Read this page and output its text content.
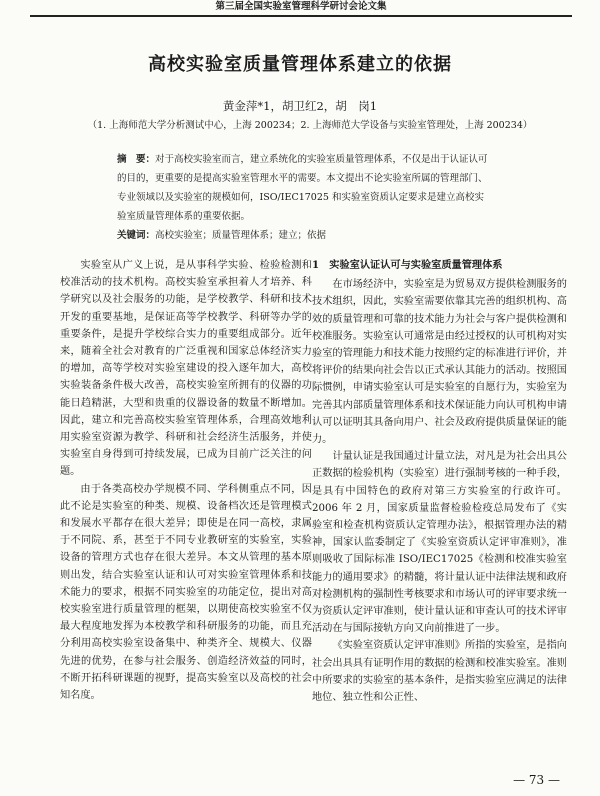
第三届全国实验室管理科学研讨会论文集
高校实验室质量管理体系建立的依据
黄金萍*1，胡卫红2，胡　岗1
（1. 上海师范大学分析测试中心，上海 200234；2. 上海师范大学设备与实验室管理处，上海 200234）

摘　要：对于高校实验室而言，建立系统化的实验室质量管理体系，不仅是出于认证认可的目的，更重要的是提高实验室管理水平的需要。本文提出不论实验室所属的管理部门、专业领域以及实验室的规模如何，ISO/IEC17025 和实验室资质认定要求是建立高校实验室质量管理体系的重要依据。

关键词：高校实验室；质量管理体系；建立；依据

实验室从广义上说，是从事科学实验、检验检测和校准活动的技术机构。高校实验室承担着人才培养、科学研究以及社会服务的功能，是学校教学、科研和技术开发的重要基地，是保证高等学校教学、科研等办学的重要条件，是提升学校综合实力的重要组成部分。近年来，随着全社会对教育的广泛重视和国家总体经济实力的增加，高等学校对实验室建设的投入逐年加大，高校实验装备条件极大改善，高校实验室所拥有的仪器的功能日趋精湛，大型和贵重的仪器设备的数量不断增加。因此，建立和完善高校实验室管理体系，合理高效地利用实验室资源为教学、科研和社会经济生活服务，并使实验室自身得到可持续发展，已成为目前广泛关注的问题。

由于各类高校办学规模不同、学科侧重点不同，因此不论是实验室的种类、规模、设备档次还是管理模式和发展水平都存在很大差异；即使是在同一高校，隶属于不同院、系，甚至于不同专业教研室的实验室，实验设备的管理方式也存在很大差异。本文从管理的基本原则出发，结合实验室认证和认可对实验室管理体系和技术能力的要求，根据不同实验室的功能定位，提出对高校实验室进行质量管理的框架，以期使高校实验室不仅最大程度地发挥为本校教学和科研服务的功能，而且充分利用高校实验室设备集中、种类齐全、规模大、仪器先进的优势，在参与社会服务、创造经济效益的同时，不断开拓科研课题的视野，提高实验室以及高校的社会知名度。

1　实验室认证认可与实验室质量管理体系

在市场经济中，实验室是为贸易双方提供检测服务的技术组织，因此，实验室需要依靠其完善的组织机构、高效的质量管理和可靠的技术能力为社会与客户提供检测和校准服务。实验室认可通常是由经过授权的认可机构对实验室的管理能力和技术能力按照约定的标准进行评价，并将评价的结果向社会告以正式承认其能力的活动。按照国际惯例，申请实验室认可是实验室的自愿行为，实验室为完善其内部质量管理体系和技术保证能力向认可机构申请认可以证明其具备向用户、社会及政府提供质量保证的能力。

计量认证是我国通过计量立法，对凡是为社会出具公正数据的检验机构（实验室）进行强制考核的一种手段，是具有中国特色的政府对第三方实验室的行政许可。2006 年 2 月，国家质量监督检验检疫总局发布了《实验室和检查机构资质认定管理办法》，根据管理办法的精神，国家认监委制定了《实验室资质认定评审准则》，准则吸收了国际标准 ISO/IEC17025《检测和校准实验室能力的通用要求》的精髓，将计量认证中法律法规和政府对检测机构的强制性考核要求和市场认可的评审要求统一为资质认定评审准则，使计量认证和审查认可的技术评审活动在与国际接轨方向又向前推进了一步。

《实验室资质认定评审准则》所指的实验室，是指向社会出具具有证明作用的数据的检测和校准实验室。准则中所要求的实验室的基本条件，是指实验室应满足的法律地位、独立性和公正性、

— 73 —
